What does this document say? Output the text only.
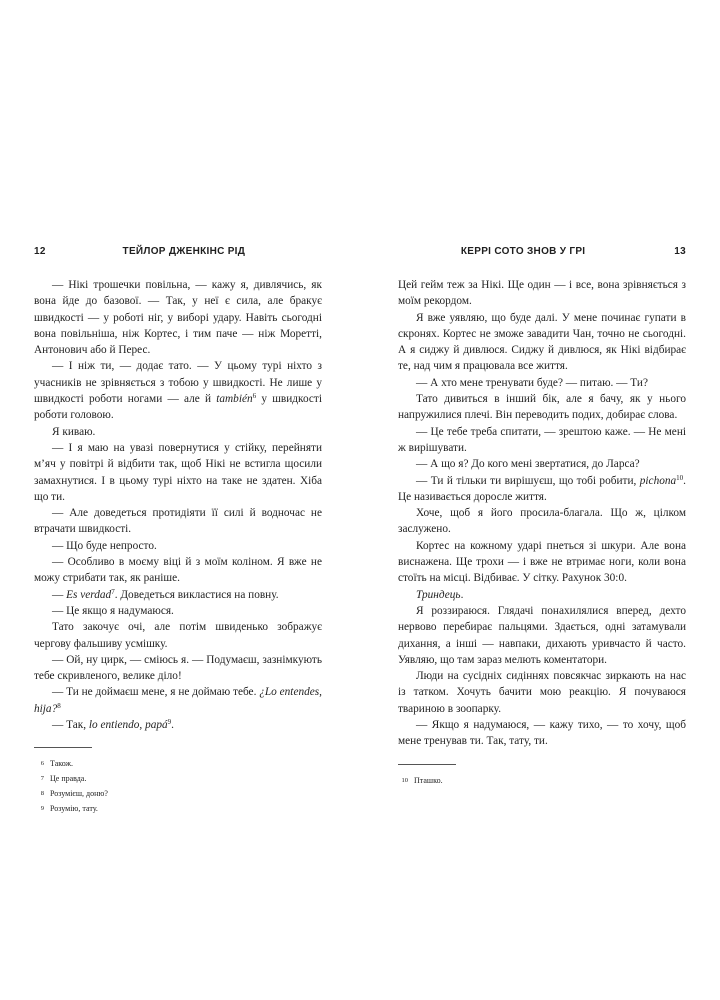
12	ТЕЙЛОР ДЖЕНКІНС РІД

— Нікі трошечки повільна, — кажу я, дивлячись, як вона йде до базової. — Так, у неї є сила, але бракує швидкості — у роботі ніг, у виборі удару. Навіть сьогодні вона повільніша, ніж Кортес, і тим паче — ніж Моретті, Антонович або й Перес.

— І ніж ти, — додає тато. — У цьому турі ніхто з учасників не зрівняється з тобою у швидкості. Не лише у швидкості роботи ногами — але й también$^6$ у швидкості роботи головою.

Я киваю.

— І я маю на увазі повернутися у стійку, перейняти м’яч у повітрі й відбити так, щоб Нікі не встигла щосили замахнутися. І в цьому турі ніхто на таке не здатен. Хіба що ти.

— Але доведеться протидіяти її силі й водночас не втрачати швидкості.

— Що буде непросто.

— Особливо в моєму віці й з моїм коліном. Я вже не можу стрибати так, як раніше.

— Es verdad$^7$. Доведеться викластися на повну.

— Це якщо я надумаюся.

Тато закочує очі, але потім швиденько зображує чергову фальшиву усмішку.

— Ой, ну цирк, — сміюсь я. — Подумаєш, зазнімкують тебе скривленого, велике діло!

— Ти не доймаєш мене, я не доймаю тебе. ¿Lo entendes, hija?$^8$

— Так, lo entiendo, papá$^9$.

6 Також.
7 Це правда.
8 Розумієш, доню?
9 Розумію, тату.
КЕРРІ СОТО ЗНОВ У ГРІ	13

Цей гейм теж за Нікі. Ще один — і все, вона зрівняється з моїм рекордом.

Я вже уявляю, що буде далі. У мене починає гупати в скронях. Кортес не зможе завадити Чан, точно не сьогодні. А я сиджу й дивлюся. Сиджу й дивлюся, як Нікі відбирає те, над чим я працювала все життя.

— А хто мене тренувати буде? — питаю. — Ти?

Тато дивиться в інший бік, але я бачу, як у нього напружилися плечі. Він переводить подих, добирає слова.

— Це тебе треба спитати, — зрештою каже. — Не мені ж вирішувати.

— А що я? До кого мені звертатися, до Ларса?

— Ти й тільки ти вирішуєш, що тобі робити, pichona$^{10}$. Це називається доросле життя.

Хоче, щоб я його просила-благала. Що ж, цілком заслужено.

Кортес на кожному ударі пнеться зі шкури. Але вона виснажена. Ще трохи — і вже не втримає ноги, коли вона стоїть на місці. Відбиває. У сітку. Рахунок 30:0.

Триндець.

Я роззираюся. Глядачі понахилялися вперед, дехто нервово перебирає пальцями. Здається, одні затамували дихання, а інші — навпаки, дихають уривчасто й часто. Уявляю, що там зараз мелють коментатори.

Люди на сусідніх сидіннях повсякчас зиркають на нас із татком. Хочуть бачити мою реакцію. Я почуваюся твариною в зоопарку.

— Якщо я надумаюся, — кажу тихо, — то хочу, щоб мене тренував ти. Так, тату, ти.

10 Пташко.
